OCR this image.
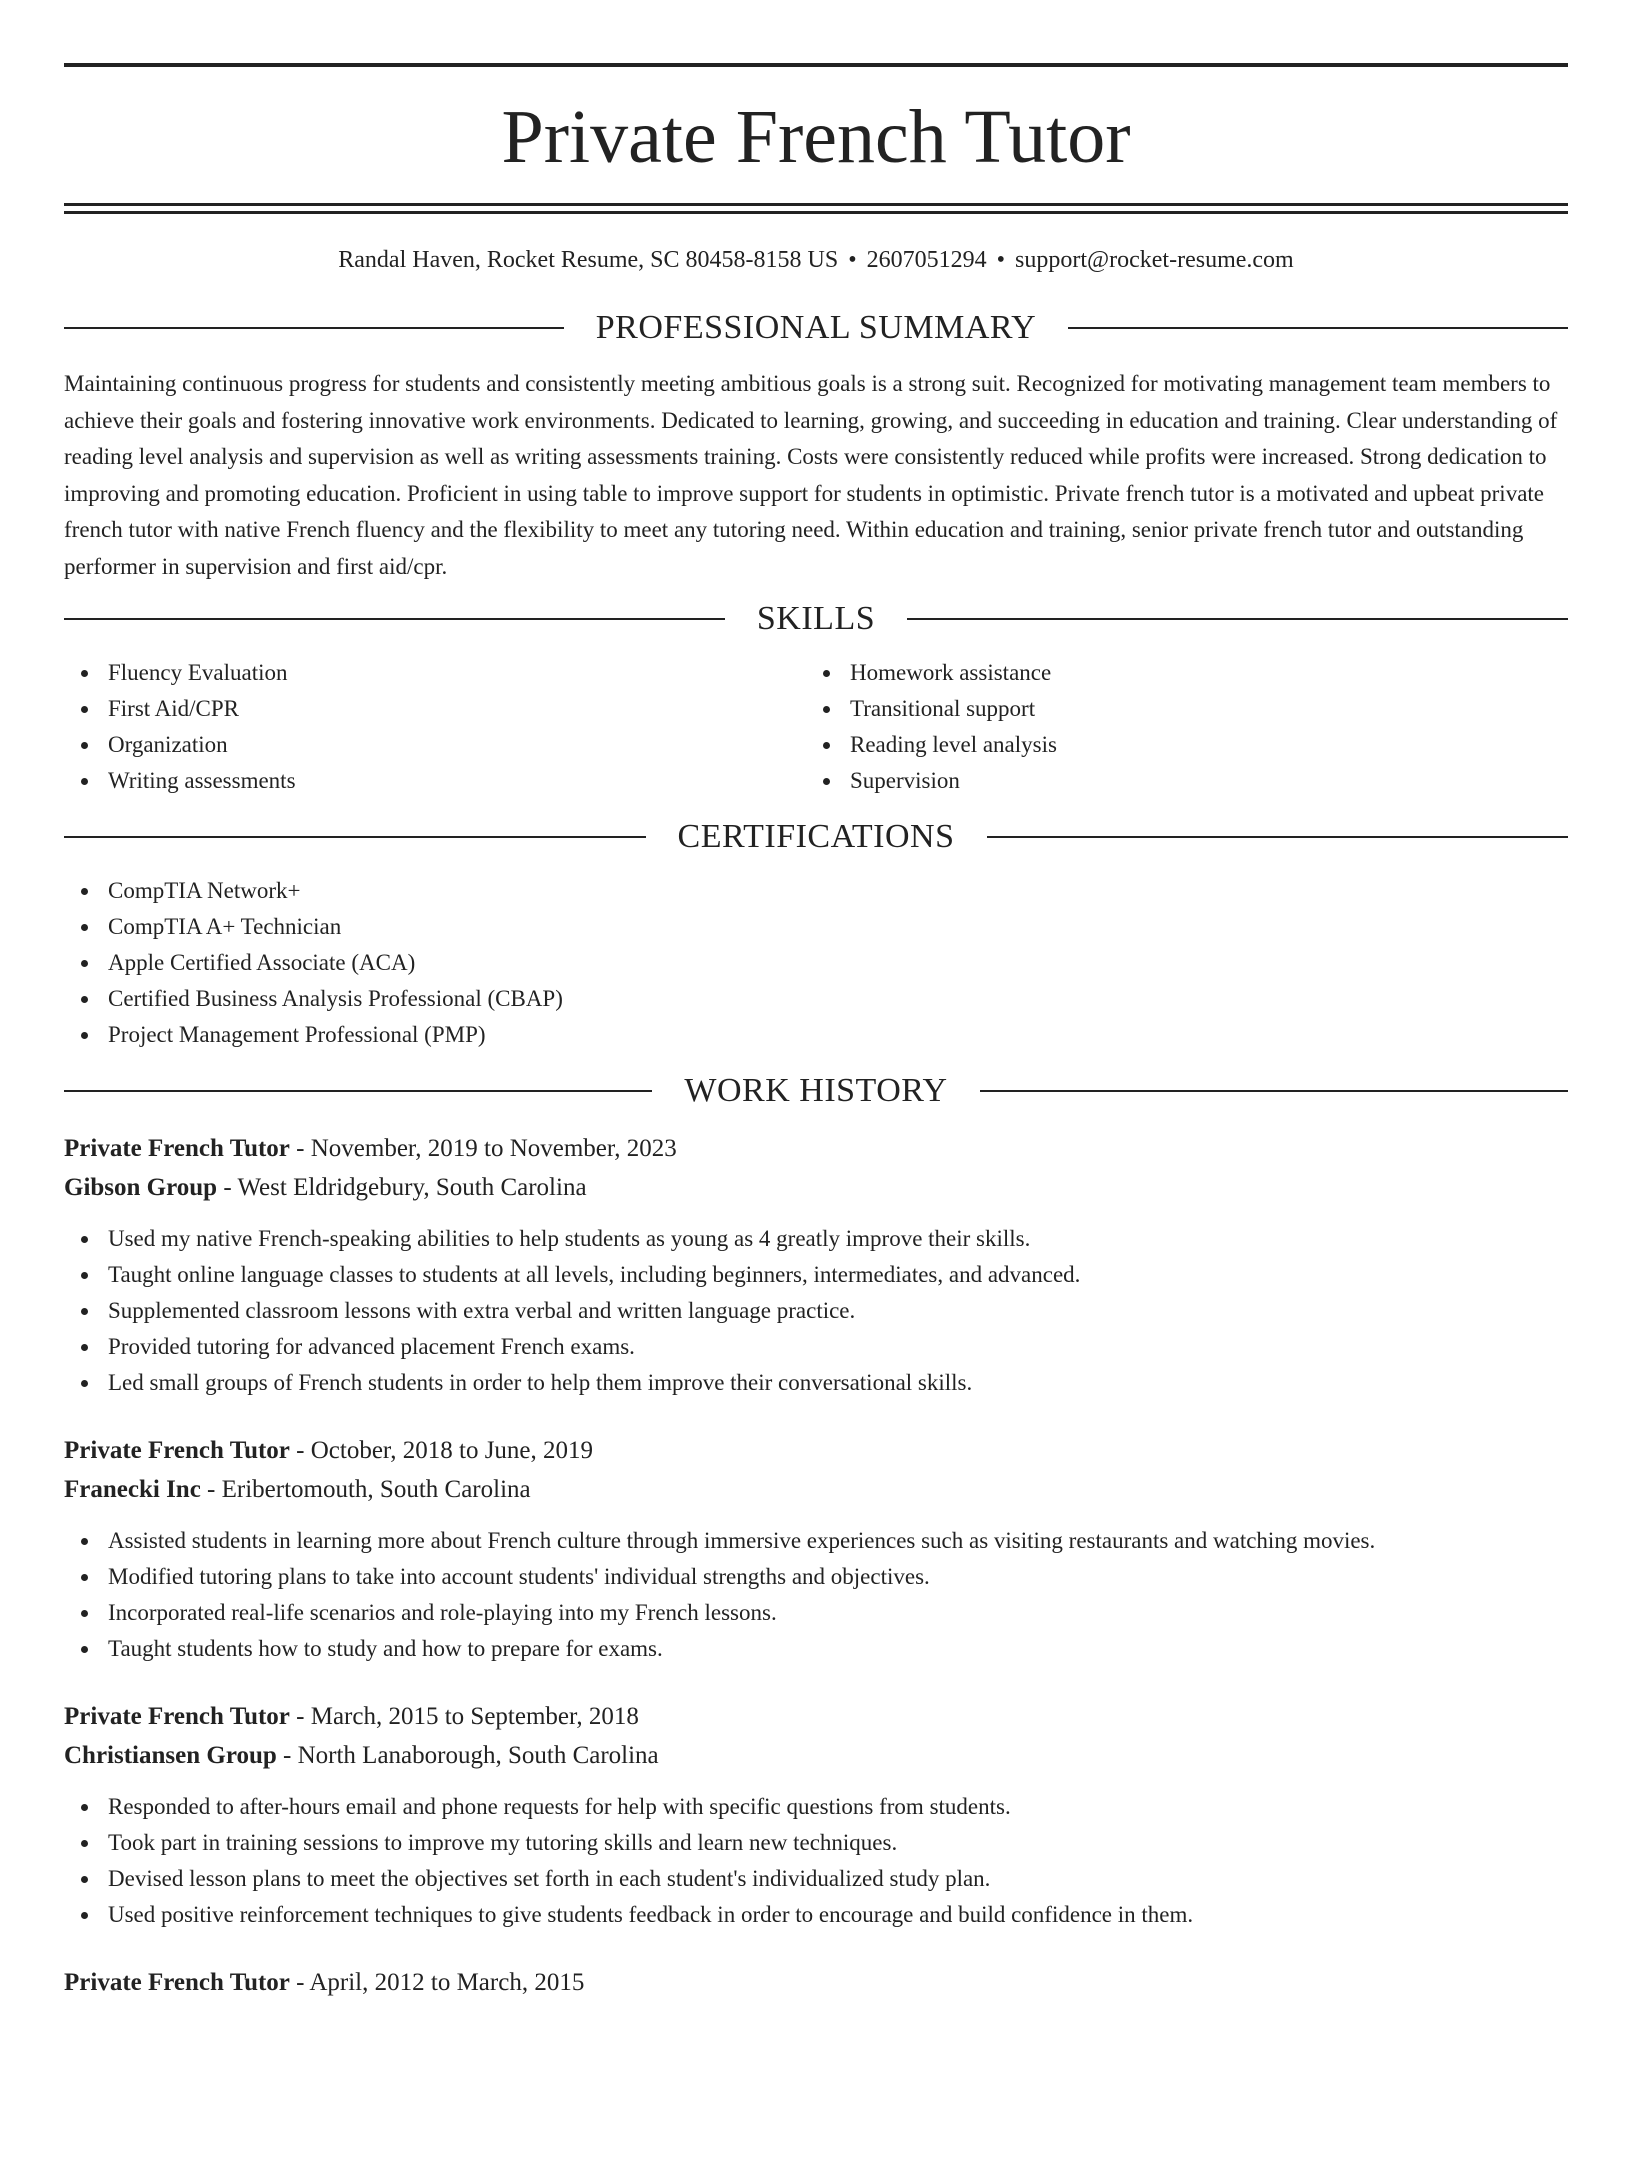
Private French Tutor
Randal Haven, Rocket Resume, SC 80458-8158 US • 2607051294 • support@rocket-resume.com
PROFESSIONAL SUMMARY
Maintaining continuous progress for students and consistently meeting ambitious goals is a strong suit. Recognized for motivating management team members to achieve their goals and fostering innovative work environments. Dedicated to learning, growing, and succeeding in education and training. Clear understanding of reading level analysis and supervision as well as writing assessments training. Costs were consistently reduced while profits were increased. Strong dedication to improving and promoting education. Proficient in using table to improve support for students in optimistic. Private french tutor is a motivated and upbeat private french tutor with native French fluency and the flexibility to meet any tutoring need. Within education and training, senior private french tutor and outstanding performer in supervision and first aid/cpr.
SKILLS
Fluency Evaluation
First Aid/CPR
Organization
Writing assessments
Homework assistance
Transitional support
Reading level analysis
Supervision
CERTIFICATIONS
CompTIA Network+
CompTIA A+ Technician
Apple Certified Associate (ACA)
Certified Business Analysis Professional (CBAP)
Project Management Professional (PMP)
WORK HISTORY
Private French Tutor - November, 2019 to November, 2023
Gibson Group - West Eldridgebury, South Carolina
Used my native French-speaking abilities to help students as young as 4 greatly improve their skills.
Taught online language classes to students at all levels, including beginners, intermediates, and advanced.
Supplemented classroom lessons with extra verbal and written language practice.
Provided tutoring for advanced placement French exams.
Led small groups of French students in order to help them improve their conversational skills.
Private French Tutor - October, 2018 to June, 2019
Franecki Inc - Eribertomouth, South Carolina
Assisted students in learning more about French culture through immersive experiences such as visiting restaurants and watching movies.
Modified tutoring plans to take into account students' individual strengths and objectives.
Incorporated real-life scenarios and role-playing into my French lessons.
Taught students how to study and how to prepare for exams.
Private French Tutor - March, 2015 to September, 2018
Christiansen Group - North Lanaborough, South Carolina
Responded to after-hours email and phone requests for help with specific questions from students.
Took part in training sessions to improve my tutoring skills and learn new techniques.
Devised lesson plans to meet the objectives set forth in each student's individualized study plan.
Used positive reinforcement techniques to give students feedback in order to encourage and build confidence in them.
Private French Tutor - April, 2012 to March, 2015
